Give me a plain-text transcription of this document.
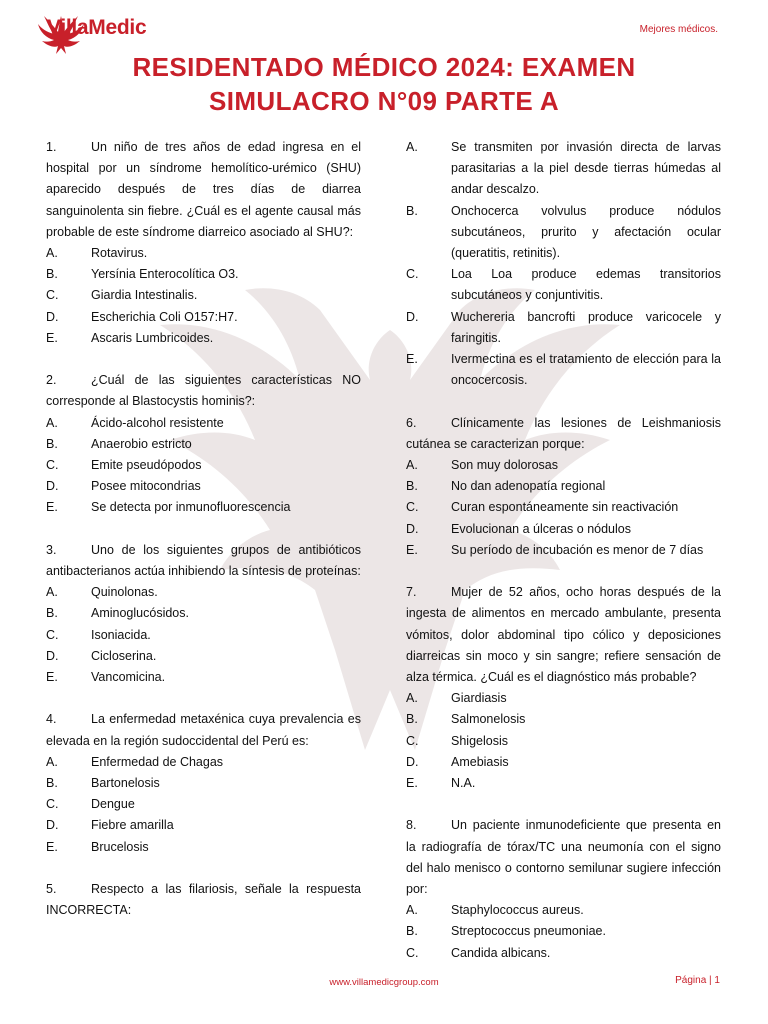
VillaMedic	Mejores médicos.
RESIDENTADO MÉDICO 2024: EXAMEN
SIMULACRO N°09 PARTE A
1.	Un niño de tres años de edad ingresa en el hospital por un síndrome hemolítico-urémico (SHU) aparecido después de tres días de diarrea sanguinolenta sin fiebre. ¿Cuál es el agente causal más probable de este síndrome diarreico asociado al SHU?:
A.	Rotavirus.
B.	Yersínia Enterocolítica O3.
C.	Giardia Intestinalis.
D.	Escherichia Coli O157:H7.
E.	Ascaris Lumbricoides.
2.	¿Cuál de las siguientes características NO corresponde al Blastocystis hominis?:
A.	Ácido-alcohol resistente
B.	Anaerobio estricto
C.	Emite pseudópodos
D.	Posee mitocondrias
E.	Se detecta por inmunofluorescencia
3.	Uno de los siguientes grupos de antibióticos antibacterianos actúa inhibiendo la síntesis de proteínas:
A.	Quinolonas.
B.	Aminoglucósidos.
C.	Isoniacida.
D.	Cicloserina.
E.	Vancomicina.
4.	La enfermedad metaxénica cuya prevalencia es elevada en la región sudoccidental del Perú es:
A.	Enfermedad de Chagas
B.	Bartonelosis
C.	Dengue
D.	Fiebre amarilla
E.	Brucelosis
5.	Respecto a las filariosis, señale la respuesta INCORRECTA:
A.	Se transmiten por invasión directa de larvas parasitarias a la piel desde tierras húmedas al andar descalzo.
B.	Onchocerca volvulus produce nódulos subcutáneos, prurito y afectación ocular (queratitis, retinitis).
C.	Loa Loa produce edemas transitorios subcutáneos y conjuntivitis.
D.	Wuchereria bancrofti produce varicocele y faringitis.
E.	Ivermectina es el tratamiento de elección para la oncocercosis.
6.	Clínicamente las lesiones de Leishmaniosis cutánea se caracterizan porque:
A.	Son muy dolorosas
B.	No dan adenopatía regional
C.	Curan espontáneamente sin reactivación
D.	Evolucionan a úlceras o nódulos
E.	Su período de incubación es menor de 7 días
7.	Mujer de 52 años, ocho horas después de la ingesta de alimentos en mercado ambulante, presenta vómitos, dolor abdominal tipo cólico y deposiciones diarreicas sin moco y sin sangre; refiere sensación de alza térmica. ¿Cuál es el diagnóstico más probable?
A.	Giardiasis
B.	Salmonelosis
C.	Shigelosis
D.	Amebiasis
E.	N.A.
8.	Un paciente inmunodeficiente que presenta en la radiografía de tórax/TC una neumonía con el signo del halo menisco o contorno semilunar sugiere infección por:
A.	Staphylococcus aureus.
B.	Streptococcus pneumoniae.
C.	Candida albicans.
www.villamedicgroup.com	Página | 1
